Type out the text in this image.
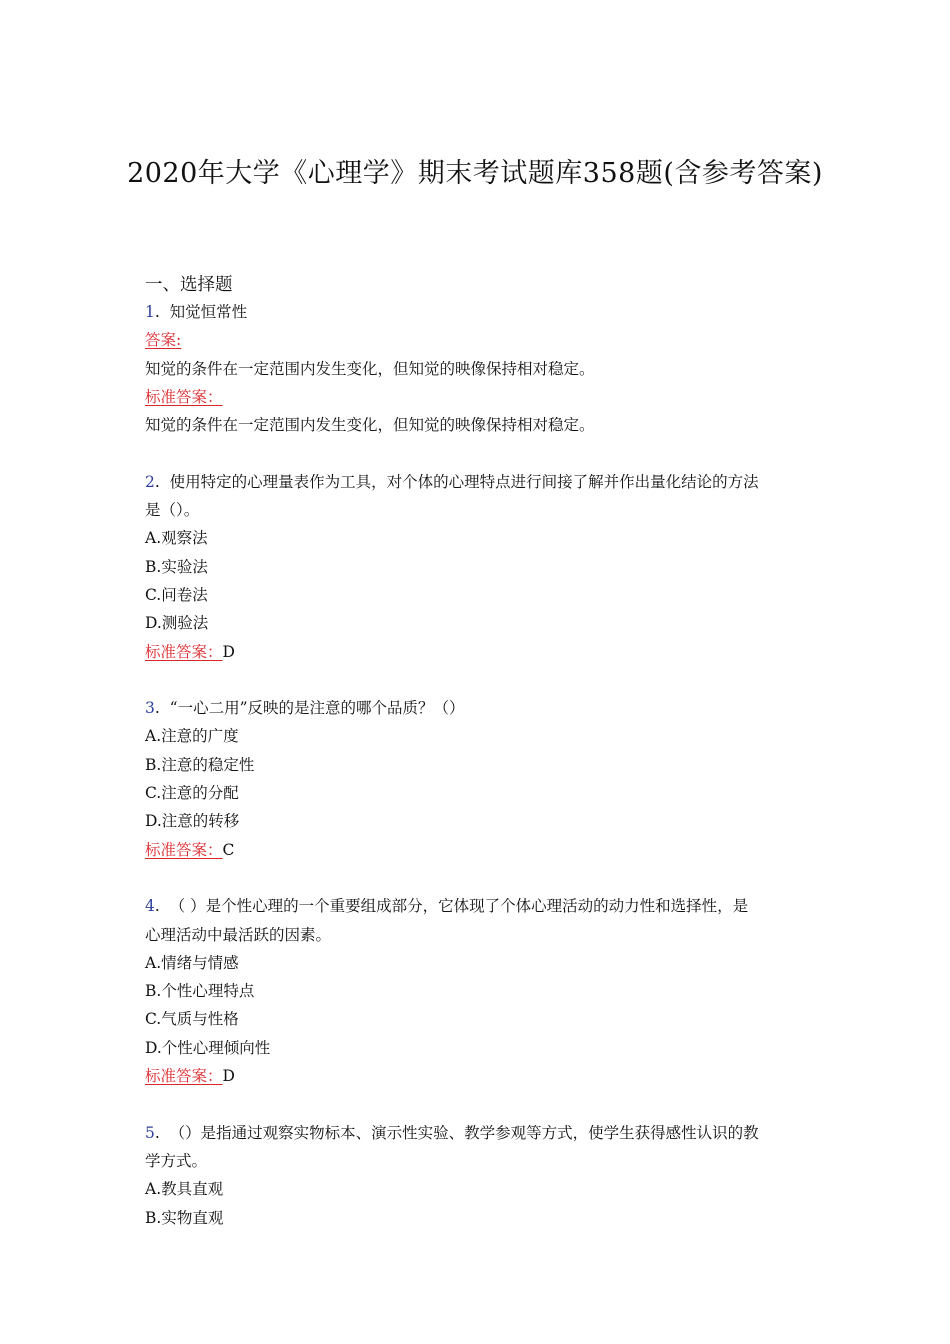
2020年大学《心理学》期末考试题库358题(含参考答案)

一、选择题

1. 知觉恒常性

答案:

知觉的条件在一定范围内发生变化，但知觉的映像保持相对稳定。

标准答案：

知觉的条件在一定范围内发生变化，但知觉的映像保持相对稳定。

2. 使用特定的心理量表作为工具，对个体的心理特点进行间接了解并作出量化结论的方法

是（）。

A.观察法

B.实验法

C.问卷法

D.测验法

标准答案：D

3. “一心二用”反映的是注意的哪个品质？（）

A.注意的广度

B.注意的稳定性

C.注意的分配

D.注意的转移

标准答案：C

4. （ ）是个性心理的一个重要组成部分，它体现了个体心理活动的动力性和选择性，是

心理活动中最活跃的因素。

A.情绪与情感

B.个性心理特点

C.气质与性格

D.个性心理倾向性

标准答案：D

5. （）是指通过观察实物标本、演示性实验、教学参观等方式，使学生获得感性认识的教

学方式。

A.教具直观

B.实物直观
